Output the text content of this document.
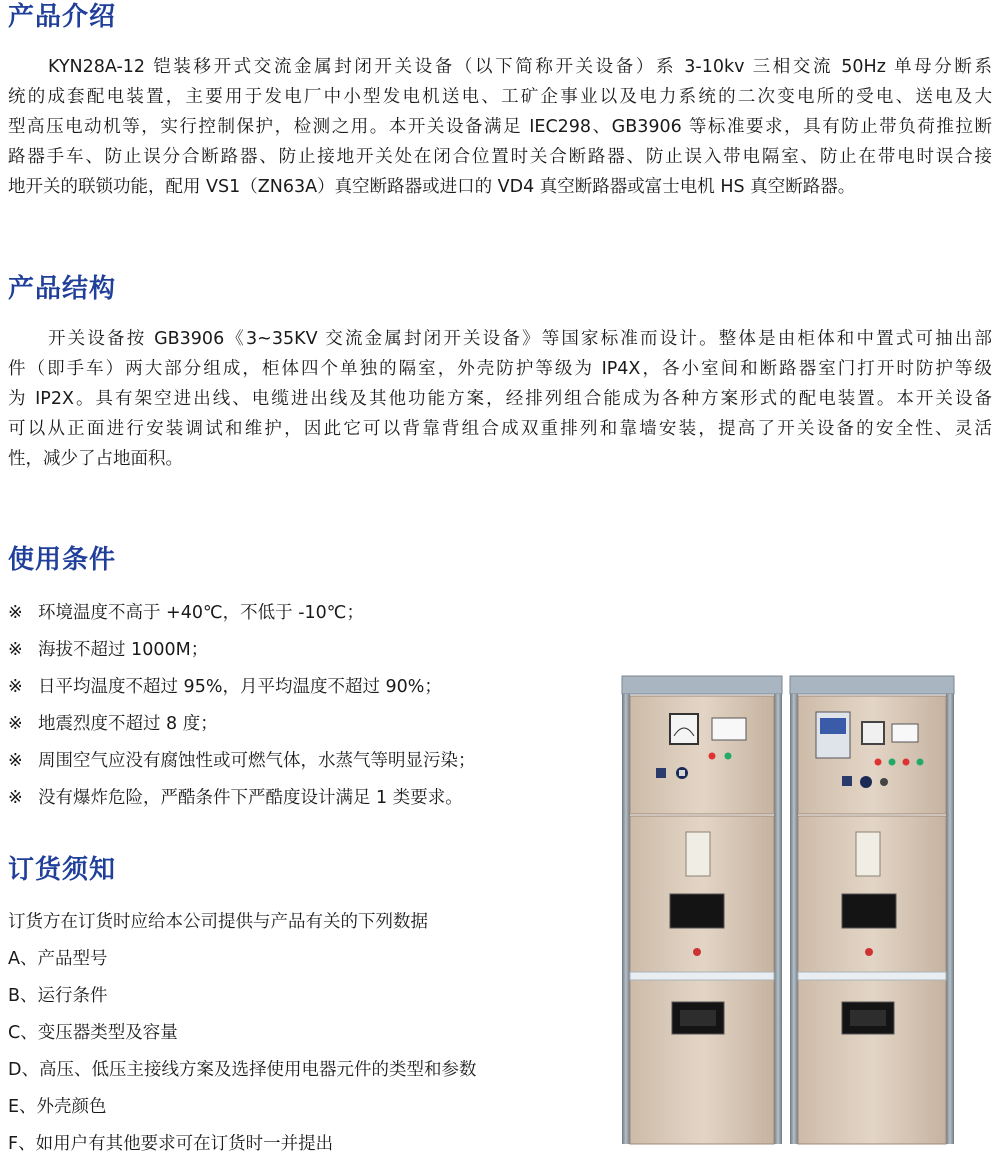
产品介绍
KYN28A-12 铠装移开式交流金属封闭开关设备（以下简称开关设备）系 3-10kv 三相交流 50Hz 单母分断系
统的成套配电装置，主要用于发电厂中小型发电机送电、工矿企事业以及电力系统的二次变电所的受电、送电及大
型高压电动机等，实行控制保护，检测之用。本开关设备满足 IEC298、GB3906 等标准要求，具有防止带负荷推拉断
路器手车、防止误分合断路器、防止接地开关处在闭合位置时关合断路器、防止误入带电隔室、防止在带电时误合接
地开关的联锁功能，配用 VS1（ZN63A）真空断路器或进口的 VD4 真空断路器或富士电机 HS 真空断路器。
产品结构
开关设备按 GB3906《3~35KV 交流金属封闭开关设备》等国家标准而设计。整体是由柜体和中置式可抽出部
件（即手车）两大部分组成，柜体四个单独的隔室，外壳防护等级为 IP4X，各小室间和断路器室门打开时防护等级
为 IP2X。具有架空进出线、电缆进出线及其他功能方案，经排列组合能成为各种方案形式的配电装置。本开关设备
可以从正面进行安装调试和维护，因此它可以背靠背组合成双重排列和靠墙安装，提高了开关设备的安全性、灵活
性，减少了占地面积。
使用条件
※ 环境温度不高于 +40℃，不低于 -10℃；
※ 海拔不超过 1000M；
※ 日平均温度不超过 95%，月平均温度不超过 90%；
※ 地震烈度不超过 8 度；
※ 周围空气应没有腐蚀性或可燃气体，水蒸气等明显污染；
※ 没有爆炸危险，严酷条件下严酷度设计满足 1 类要求。
订货须知
订货方在订货时应给本公司提供与产品有关的下列数据
A、产品型号
B、运行条件
C、变压器类型及容量
D、高压、低压主接线方案及选择使用电器元件的类型和参数
E、外壳颜色
F、如用户有其他要求可在订货时一并提出
